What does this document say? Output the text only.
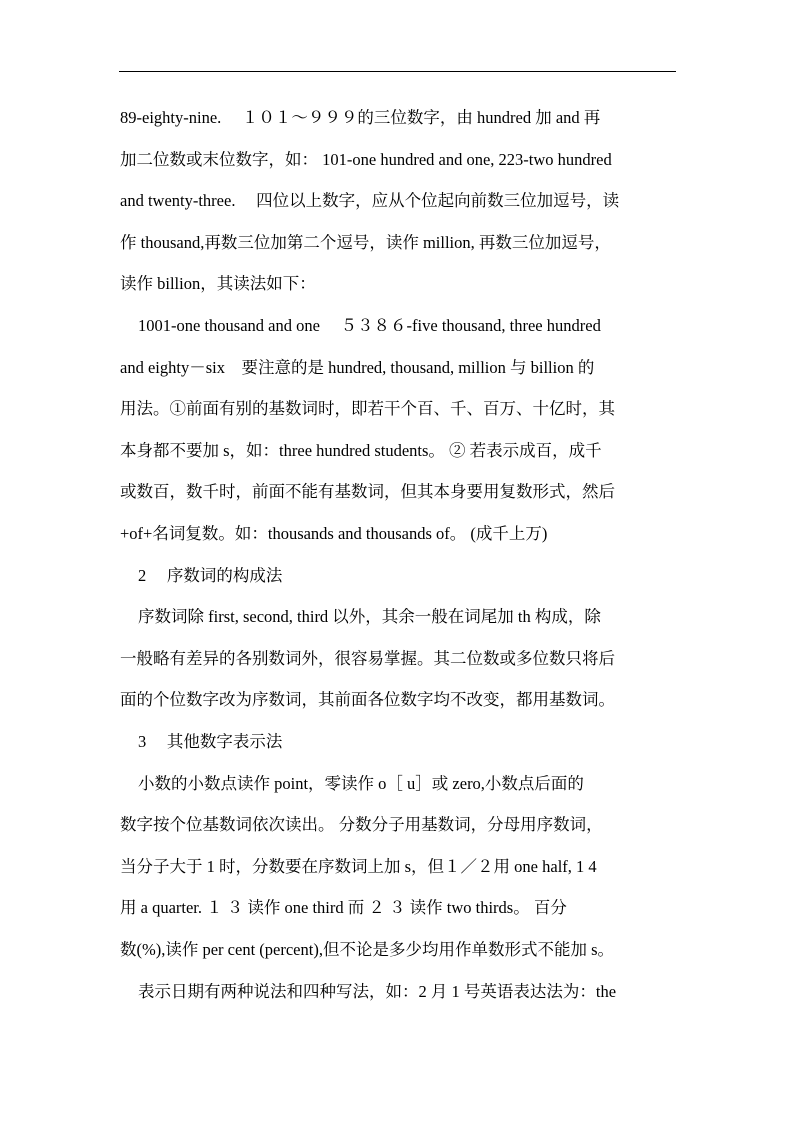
89-eighty-nine.　 １０１～９９９的三位数字，由 hundred 加 and 再
加二位数或末位数字，如： 101-one hundred and one, 223-two hundred
and twenty-three. 　四位以上数字，应从个位起向前数三位加逗号，读
作 thousand,再数三位加第二个逗号，读作 million, 再数三位加逗号，
读作 billion，其读法如下：
1001-one thousand and one 　５３８６-five thousand, three hundred
and eighty－six　要注意的是 hundred, thousand, million 与 billion 的
用法。①前面有别的基数词时，即若干个百、千、百万、十亿时，其
本身都不要加 s，如：three hundred students。 ② 若表示成百，成千
或数百，数千时，前面不能有基数词，但其本身要用复数形式，然后
+of+名词复数。如：thousands and thousands of。 (成千上万)
2　 序数词的构成法
序数词除 first, second, third 以外，其余一般在词尾加 th 构成，除
一般略有差异的各别数词外，很容易掌握。其二位数或多位数只将后
面的个位数字改为序数词，其前面各位数字均不改变，都用基数词。
3　 其他数字表示法
小数的小数点读作 point，零读作 o［ u］或 zero,小数点后面的
数字按个位基数词依次读出。 分数分子用基数词，分母用序数词，
当分子大于 1 时，分数要在序数词上加 s，但１／２用 one half, 1 4
用 a quarter. １ ３ 读作 one third 而 ２ ３ 读作 two thirds。 百分
数(%),读作 per cent (percent),但不论是多少均用作单数形式不能加 s。
表示日期有两种说法和四种写法，如：2 月 1 号英语表达法为：the
